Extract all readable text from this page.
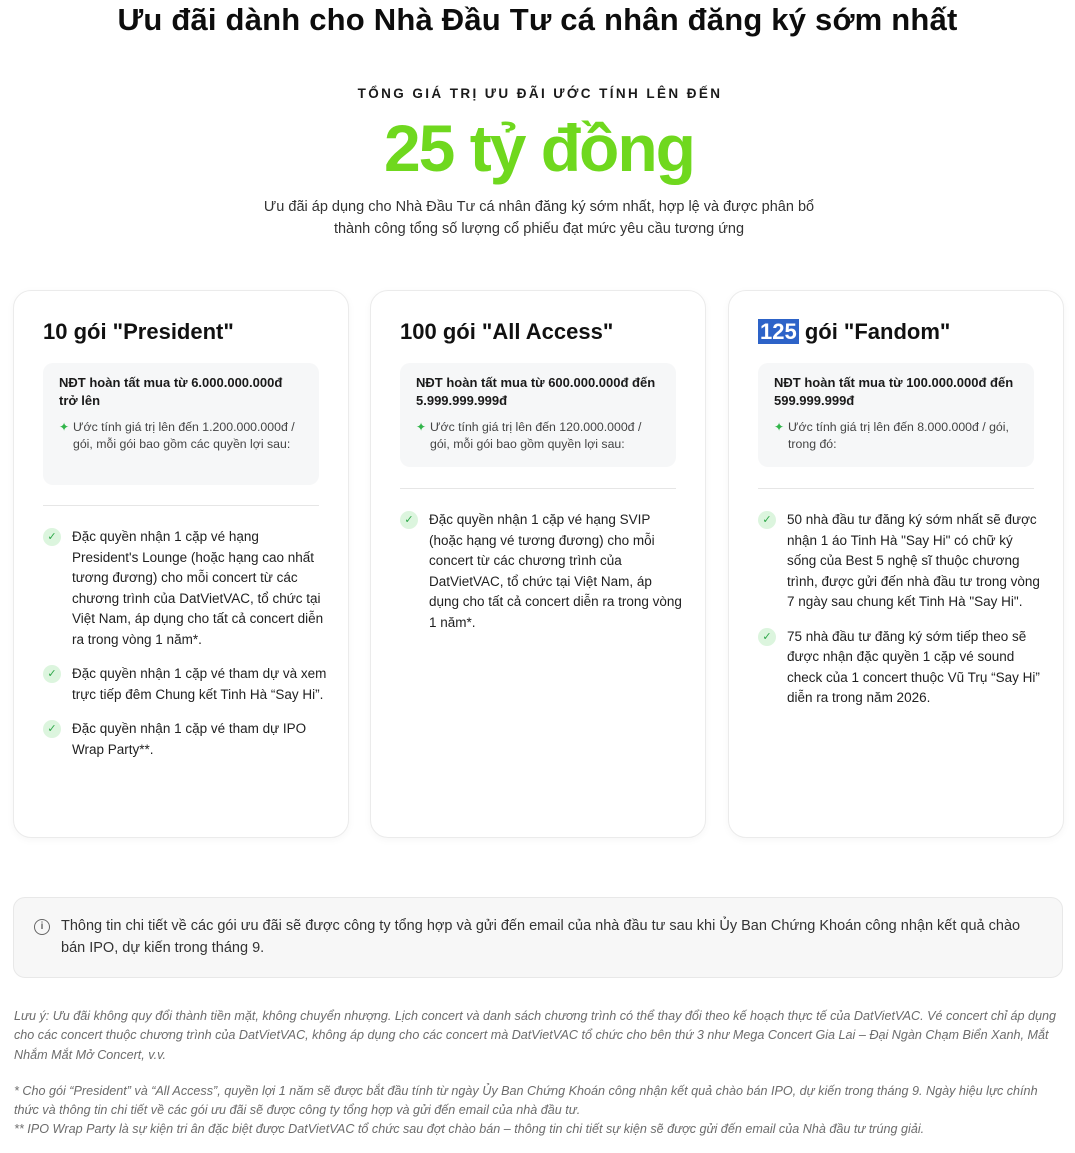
Ưu đãi dành cho Nhà Đầu Tư cá nhân đăng ký sớm nhất
TỔNG GIÁ TRỊ ƯU ĐÃI ƯỚC TÍNH LÊN ĐẾN
25 tỷ đồng
Ưu đãi áp dụng cho Nhà Đầu Tư cá nhân đăng ký sớm nhất, hợp lệ và được phân bổ
thành công tổng số lượng cổ phiếu đạt mức yêu cầu tương ứng
10 gói "President"
NĐT hoàn tất mua từ 6.000.000.000đ trở lên
✦ Ước tính giá trị lên đến 1.200.000.000đ / gói, mỗi gói bao gồm các quyền lợi sau:
✓	Đặc quyền nhận 1 cặp vé hạng President's Lounge (hoặc hạng cao nhất tương đương) cho mỗi concert từ các chương trình của DatVietVAC, tổ chức tại Việt Nam, áp dụng cho tất cả concert diễn ra trong vòng 1 năm*.
✓	Đặc quyền nhận 1 cặp vé tham dự và xem trực tiếp đêm Chung kết Tinh Hà “Say Hi”.
✓	Đặc quyền nhận 1 cặp vé tham dự IPO Wrap Party**.
100 gói "All Access"
NĐT hoàn tất mua từ 600.000.000đ đến 5.999.999.999đ
✦ Ước tính giá trị lên đến 120.000.000đ / gói, mỗi gói bao gồm quyền lợi sau:
✓	Đặc quyền nhận 1 cặp vé hạng SVIP (hoặc hạng vé tương đương) cho mỗi concert từ các chương trình của DatVietVAC, tổ chức tại Việt Nam, áp dụng cho tất cả concert diễn ra trong vòng 1 năm*.
125 gói "Fandom"
NĐT hoàn tất mua từ 100.000.000đ đến 599.999.999đ
✦ Ước tính giá trị lên đến 8.000.000đ / gói, trong đó:
✓	50 nhà đầu tư đăng ký sớm nhất sẽ được nhận 1 áo Tinh Hà "Say Hi" có chữ ký sống của Best 5 nghệ sĩ thuộc chương trình, được gửi đến nhà đầu tư trong vòng 7 ngày sau chung kết Tinh Hà "Say Hi".
✓	75 nhà đầu tư đăng ký sớm tiếp theo sẽ được nhận đặc quyền 1 cặp vé sound check của 1 concert thuộc Vũ Trụ “Say Hi” diễn ra trong năm 2026.
i	Thông tin chi tiết về các gói ưu đãi sẽ được công ty tổng hợp và gửi đến email của nhà đầu tư sau khi Ủy Ban Chứng Khoán công nhận kết quả chào bán IPO, dự kiến trong tháng 9.
Lưu ý: Ưu đãi không quy đổi thành tiền mặt, không chuyển nhượng. Lịch concert và danh sách chương trình có thể thay đổi theo kế hoạch thực tế của DatVietVAC. Vé concert chỉ áp dụng cho các concert thuộc chương trình của DatVietVAC, không áp dụng cho các concert mà DatVietVAC tổ chức cho bên thứ 3 như Mega Concert Gia Lai – Đại Ngàn Chạm Biển Xanh, Mắt Nhắm Mắt Mở Concert, v.v.
* Cho gói “President” và “All Access”, quyền lợi 1 năm sẽ được bắt đầu tính từ ngày Ủy Ban Chứng Khoán công nhận kết quả chào bán IPO, dự kiến trong tháng 9. Ngày hiệu lực chính thức và thông tin chi tiết về các gói ưu đãi sẽ được công ty tổng hợp và gửi đến email của nhà đầu tư.
** IPO Wrap Party là sự kiện tri ân đặc biệt được DatVietVAC tổ chức sau đợt chào bán – thông tin chi tiết sự kiện sẽ được gửi đến email của Nhà đầu tư trúng giải.
